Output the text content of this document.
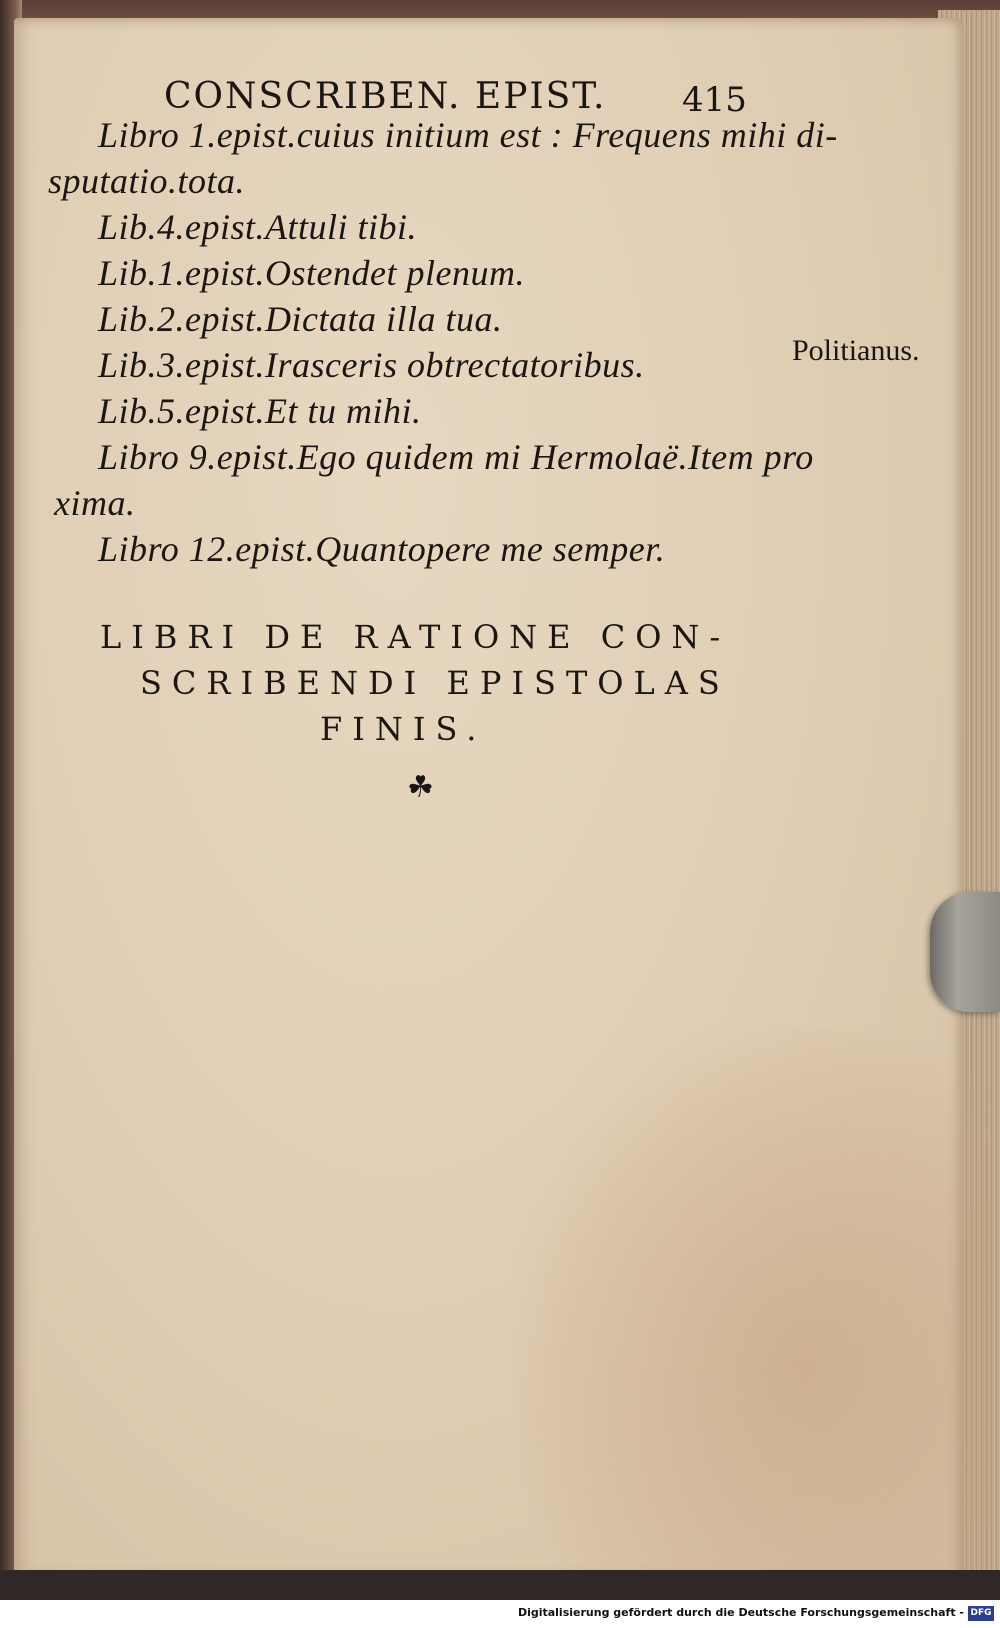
CONSCRIBEN. EPIST. 415
Libro 1.epist.cuius initium est : Frequens mihi di-
sputatio.tota.
Lib.4.epist.Attuli tibi.
Lib.1.epist.Ostendet plenum.
Lib.2.epist.Dictata illa tua.
Lib.3.epist.Irasceris obtrectatoribus.
Lib.5.epist.Et tu mihi.
Libro 9.epist.Ego quidem mi Hermolaë.Item pro
xima.
Libro 12.epist.Quantopere me semper.
Politianus.
LIBRI DE RATIONE CON-
SCRIBENDI EPISTOLAS
FINIS.
☘
Digitalisierung gefördert durch die Deutsche Forschungsgemeinschaft - DFG
